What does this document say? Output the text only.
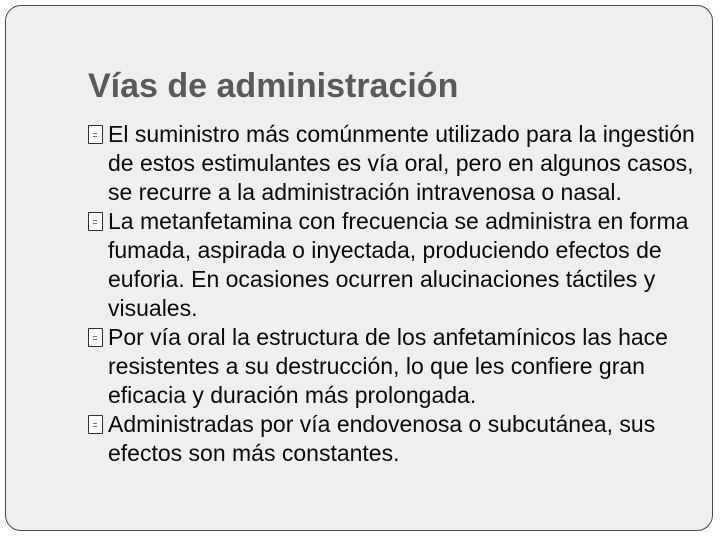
Vías de administración
El suministro más comúnmente utilizado para la ingestión de estos estimulantes es vía oral, pero en algunos casos, se recurre a la administración intravenosa o nasal.
La metanfetamina con frecuencia se administra en forma fumada, aspirada o inyectada, produciendo efectos de euforia. En ocasiones ocurren alucinaciones táctiles y visuales.
Por vía oral la estructura de los anfetamínicos las hace resistentes a su destrucción, lo que les confiere gran eficacia y duración más prolongada.
Administradas por vía endovenosa o subcutánea, sus efectos son más constantes.
